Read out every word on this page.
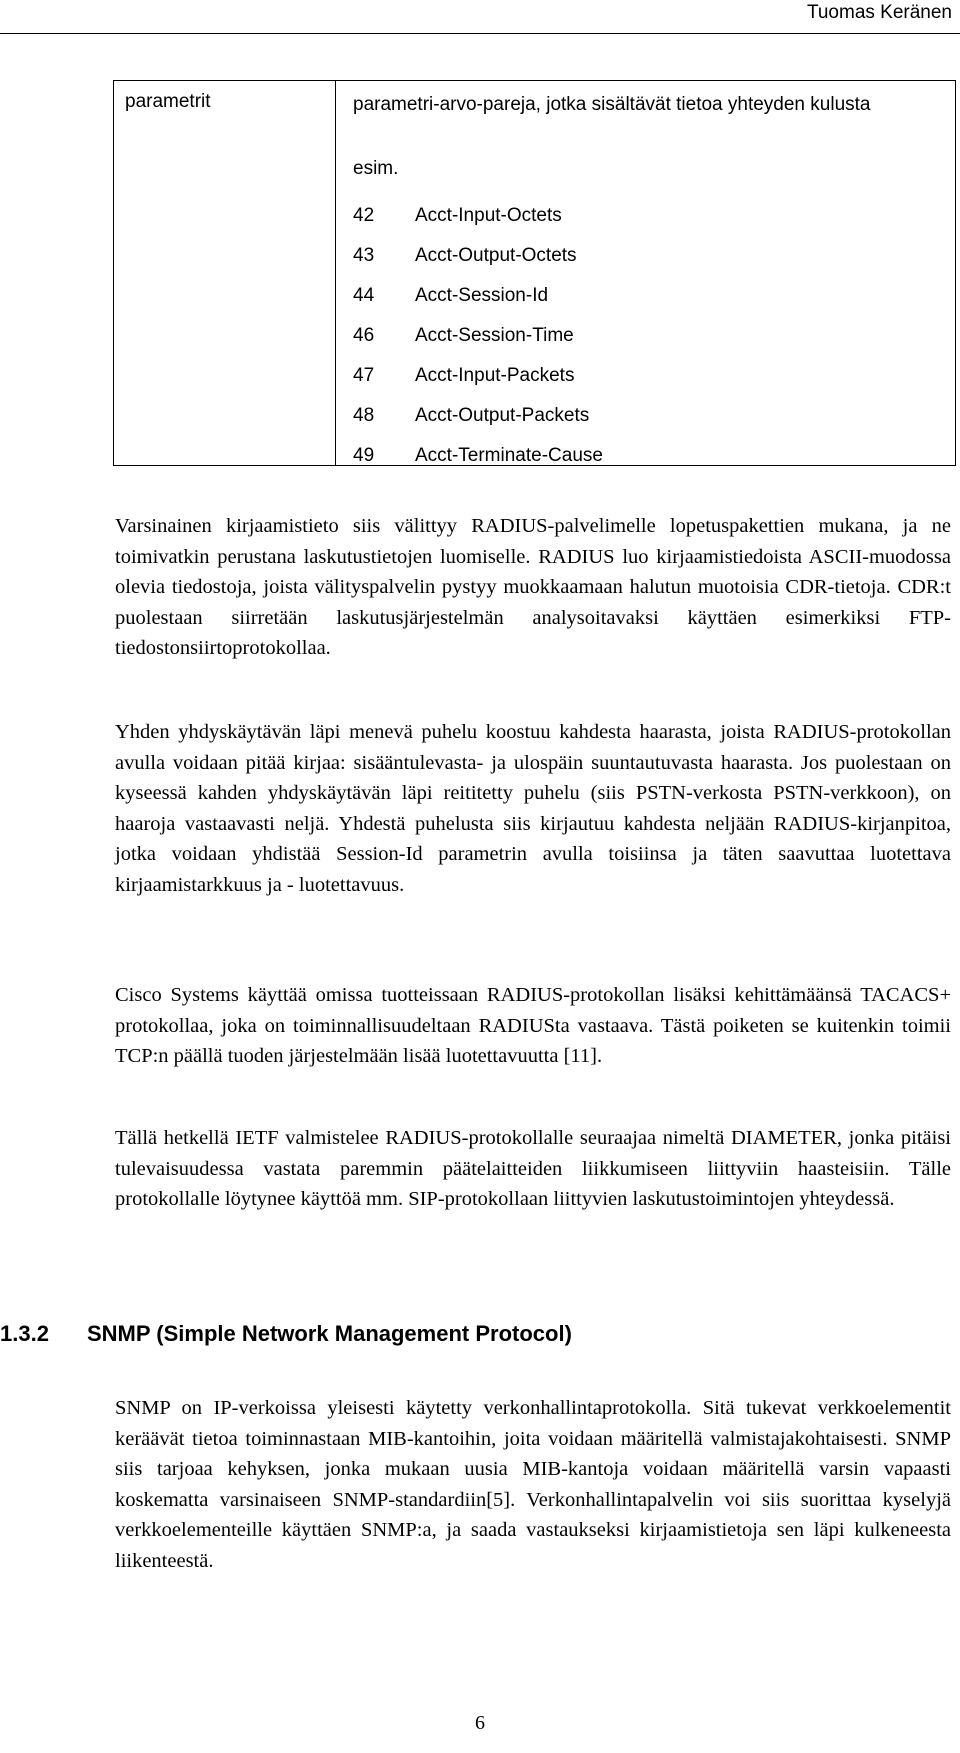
Tuomas Keränen
parametrit	parametri-arvo-pareja, jotka sisältävät tietoa yhteyden kulusta
esim.
42 Acct-Input-Octets
43 Acct-Output-Octets
44 Acct-Session-Id
46 Acct-Session-Time
47 Acct-Input-Packets
48 Acct-Output-Packets
49 Acct-Terminate-Cause

Varsinainen kirjaamistieto siis välittyy RADIUS-palvelimelle lopetuspakettien mukana, ja ne toimivatkin perustana laskutustietojen luomiselle. RADIUS luo kirjaamistiedoista ASCII-muodossa olevia tiedostoja, joista välityspalvelin pystyy muokkaamaan halutun muotoisia CDR-tietoja. CDR:t puolestaan siirretään laskutusjärjestelmän analysoitavaksi käyttäen esimerkiksi FTP-tiedostonsiirtoprotokollaa.

Yhden yhdyskäytävän läpi menevä puhelu koostuu kahdesta haarasta, joista RADIUS-protokollan avulla voidaan pitää kirjaa: sisääntulevasta- ja ulospäin suuntautuvasta haarasta. Jos puolestaan on kyseessä kahden yhdyskäytävän läpi reititetty puhelu (siis PSTN-verkosta PSTN-verkkoon), on haaroja vastaavasti neljä. Yhdestä puhelusta siis kirjautuu kahdesta neljään RADIUS-kirjanpitoa, jotka voidaan yhdistää Session-Id parametrin avulla toisiinsa ja täten saavuttaa luotettava kirjaamistarkkuus ja - luotettavuus.

Cisco Systems käyttää omissa tuotteissaan RADIUS-protokollan lisäksi kehittämäänsä TACACS+ protokollaa, joka on toiminnallisuudeltaan RADIUSta vastaava. Tästä poiketen se kuitenkin toimii TCP:n päällä tuoden järjestelmään lisää luotettavuutta [11].

Tällä hetkellä IETF valmistelee RADIUS-protokollalle seuraajaa nimeltä DIAMETER, jonka pitäisi tulevaisuudessa vastata paremmin päätelaitteiden liikkumiseen liittyviin haasteisiin. Tälle protokollalle löytynee käyttöä mm. SIP-protokollaan liittyvien laskutustoimintojen yhteydessä.

1.3.2 SNMP (Simple Network Management Protocol)

SNMP on IP-verkoissa yleisesti käytetty verkonhallintaprotokolla. Sitä tukevat verkkoelementit keräävät tietoa toiminnastaan MIB-kantoihin, joita voidaan määritellä valmistajakohtaisesti. SNMP siis tarjoaa kehyksen, jonka mukaan uusia MIB-kantoja voidaan määritellä varsin vapaasti koskematta varsinaiseen SNMP-standardiin[5]. Verkonhallintapalvelin voi siis suorittaa kyselyjä verkkoelementeille käyttäen SNMP:a, ja saada vastaukseksi kirjaamistietoja sen läpi kulkeneesta liikenteestä.

6
